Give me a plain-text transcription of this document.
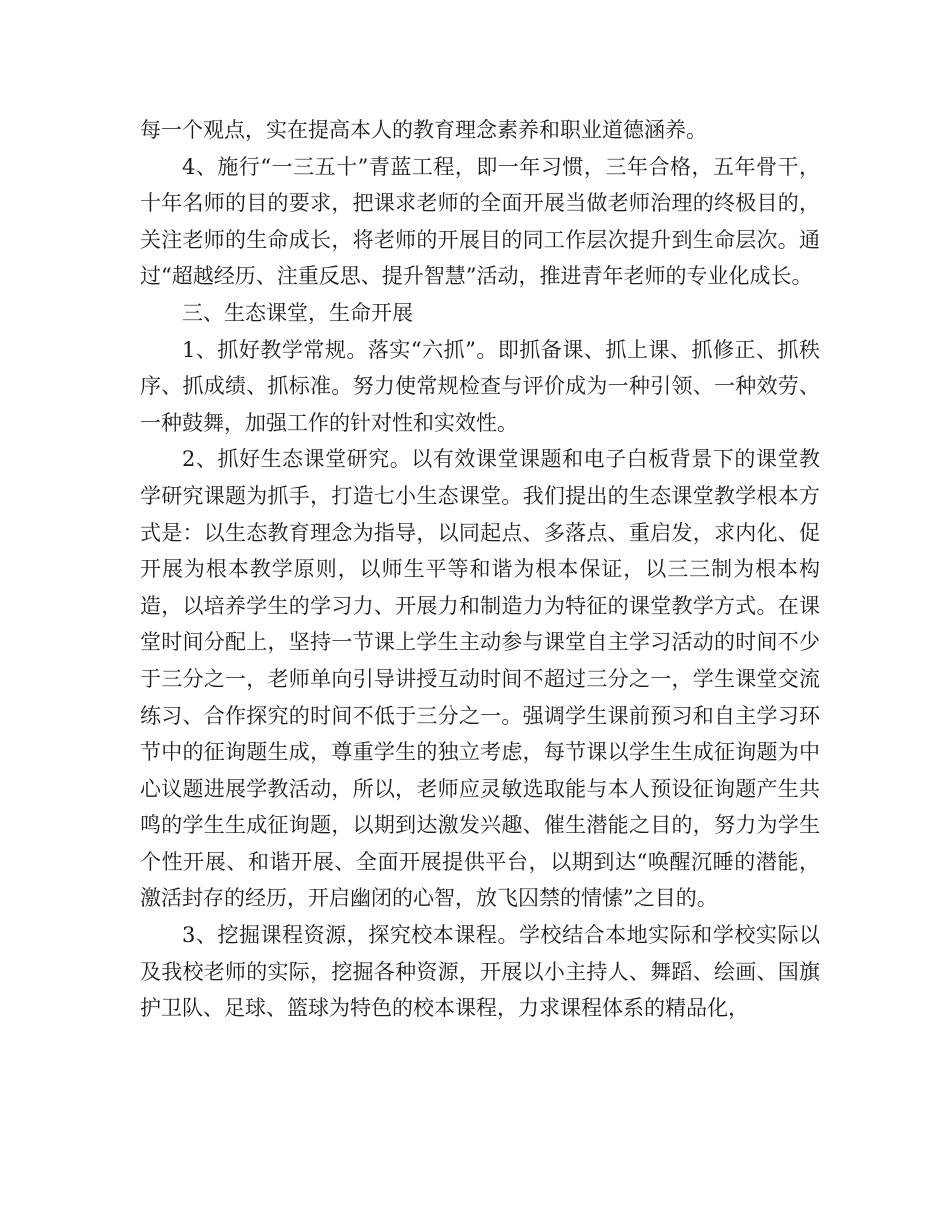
每一个观点，实在提高本人的教育理念素养和职业道德涵养。

4、施行“一三五十”青蓝工程，即一年习惯，三年合格，五年骨干，十年名师的目的要求，把课求老师的全面开展当做老师治理的终极目的，关注老师的生命成长，将老师的开展目的同工作层次提升到生命层次。通过“超越经历、注重反思、提升智慧”活动，推进青年老师的专业化成长。

三、生态课堂，生命开展

1、抓好教学常规。落实“六抓”。即抓备课、抓上课、抓修正、抓秩序、抓成绩、抓标准。努力使常规检查与评价成为一种引领、一种效劳、一种鼓舞，加强工作的针对性和实效性。

2、抓好生态课堂研究。以有效课堂课题和电子白板背景下的课堂教学研究课题为抓手，打造七小生态课堂。我们提出的生态课堂教学根本方式是：以生态教育理念为指导，以同起点、多落点、重启发，求内化、促开展为根本教学原则，以师生平等和谐为根本保证，以三三制为根本构造，以培养学生的学习力、开展力和制造力为特征的课堂教学方式。在课堂时间分配上，坚持一节课上学生主动参与课堂自主学习活动的时间不少于三分之一，老师单向引导讲授互动时间不超过三分之一，学生课堂交流练习、合作探究的时间不低于三分之一。强调学生课前预习和自主学习环节中的征询题生成，尊重学生的独立考虑，每节课以学生生成征询题为中心议题进展学教活动，所以，老师应灵敏选取能与本人预设征询题产生共鸣的学生生成征询题，以期到达激发兴趣、催生潜能之目的，努力为学生个性开展、和谐开展、全面开展提供平台，以期到达“唤醒沉睡的潜能，激活封存的经历，开启幽闭的心智，放飞囚禁的情愫”之目的。

3、挖掘课程资源，探究校本课程。学校结合本地实际和学校实际以及我校老师的实际，挖掘各种资源，开展以小主持人、舞蹈、绘画、国旗护卫队、足球、篮球为特色的校本课程，力求课程体系的精品化，
